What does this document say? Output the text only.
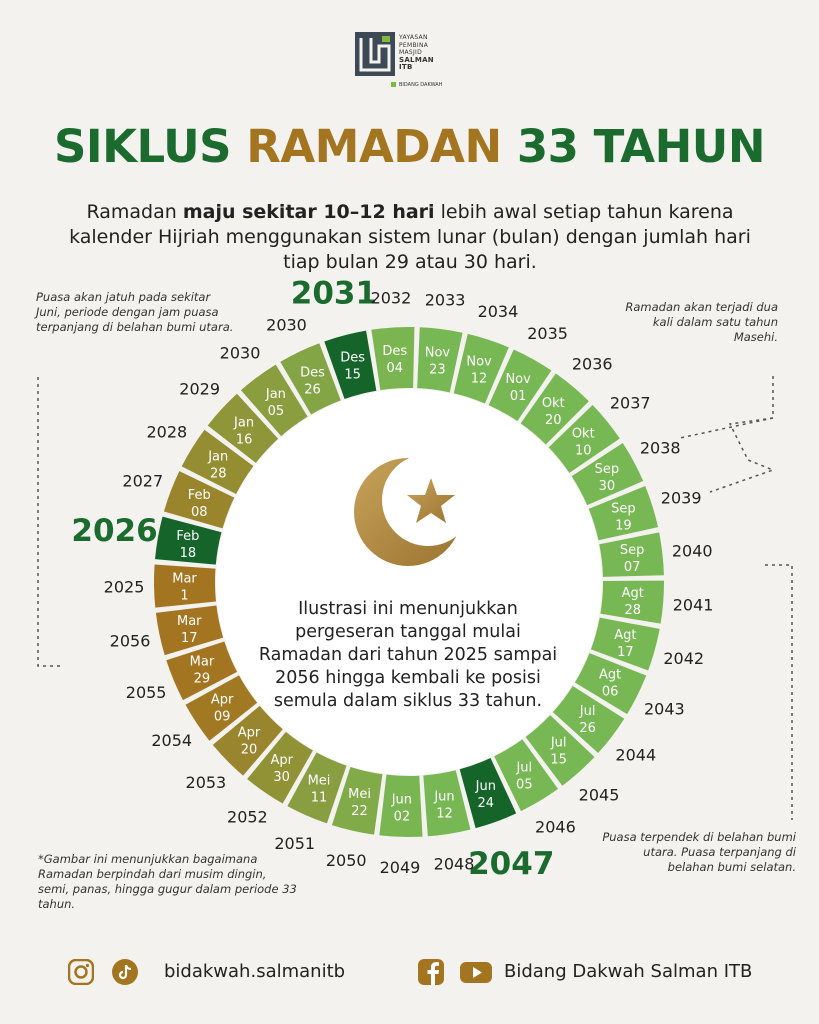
YAYASAN
PEMBINA
MASJID
SALMAN
ITB
BIDANG DAKWAH
SIKLUS RAMADAN 33 TAHUN
Ramadan maju sekitar 10–12 hari lebih awal setiap tahun karena kalender Hijriah menggunakan sistem lunar (bulan) dengan jumlah hari tiap bulan 29 atau 30 hari.
Feb
18
2026
Feb
08
2027
Jan
28
2028	Jan
16
2029	Jan
05
2030
Des
26
2030
Des
15
2031
Des
04
2032
Nov
23
2033
Nov
12
2034
Nov
01
2035
Okt
20
2036
Okt
10
2037
Sep
30
2038
Sep
19
2039
Sep
07
2040
Agt
28 2041
Agt
17 2042
Agt
06
2043
Jul
26
2044
Jul
15
2045
Jul
05
2046
Jun
24
2047
Jun
12
2048
Jun
02
2049
Mei
22
2050
Mei
11
2051
Apr
30
2052
Apr
20
2053
Apr
09
2054
Mar
29
2055
Mar
17
2056
Mar
1
2025
Ilustrasi ini menunjukkan pergeseran tanggal mulai Ramadan dari tahun 2025 sampai 2056 hingga kembali ke posisi semula dalam siklus 33 tahun.
Puasa akan jatuh pada sekitar Juni, periode dengan jam puasa terpanjang di belahan bumi utara.
Ramadan akan terjadi dua kali dalam satu tahun Masehi.
Puasa terpendek di belahan bumi utara. Puasa terpanjang di belahan bumi selatan.
*Gambar ini menunjukkan bagaimana Ramadan berpindah dari musim dingin, semi, panas, hingga gugur dalam periode 33 tahun.
bidakwah.salmanitb	Bidang Dakwah Salman ITB
